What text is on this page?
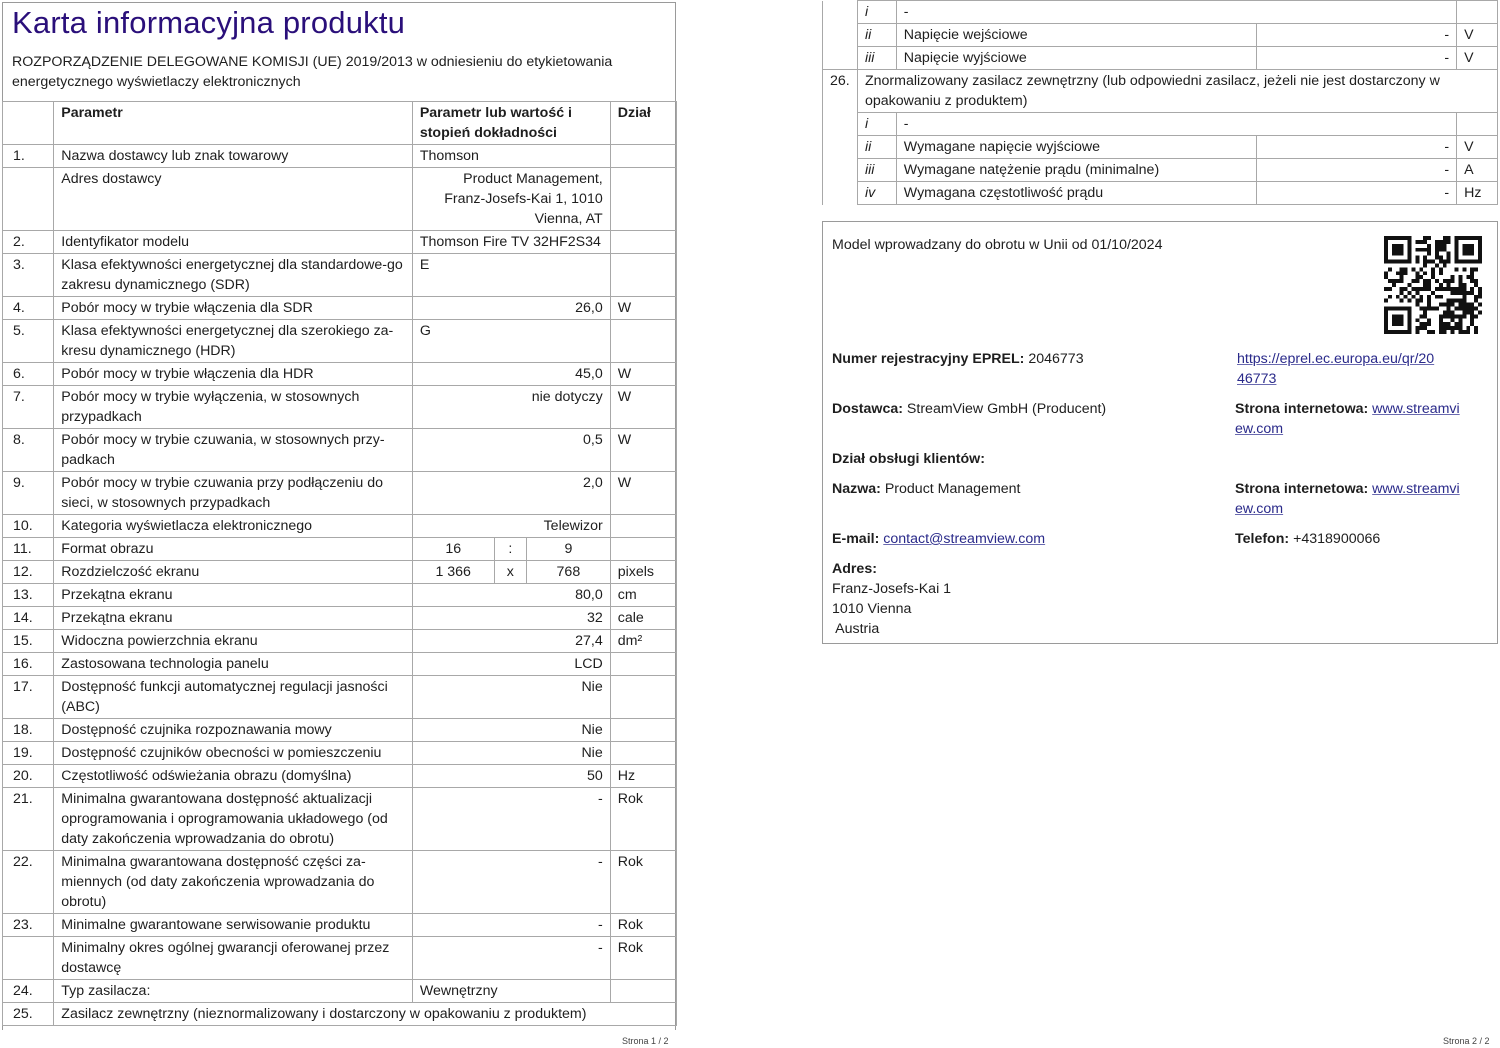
Karta informacyjna produktu
ROZPORZĄDZENIE DELEGOWANE KOMISJI (UE) 2019/2013 w odniesieniu do etykietowania energetycznego wyświetlaczy elektronicznych
	Parametr	Parametr lub wartość i stopień dokładności			Dział
1.	Nazwa dostawcy lub znak towarowy	Thomson			
	Adres dostawcy	Product Management, Franz-Josefs-Kai 1, 1010 Vienna, AT			
2.	Identyfikator modelu	Thomson Fire TV 32HF2S34			
3.	Klasa efektywności energetycznej dla standardowe-go zakresu dynamicznego (SDR)	E			
4.	Pobór mocy w trybie włączenia dla SDR	26,0			W
5.	Klasa efektywności energetycznej dla szerokiego za-kresu dynamicznego (HDR)	G			
6.	Pobór mocy w trybie włączenia dla HDR	45,0			W
7.	Pobór mocy w trybie wyłączenia, w stosownych przypadkach	nie dotyczy			W
8.	Pobór mocy w trybie czuwania, w stosownych przy-padkach	0,5			W
9.	Pobór mocy w trybie czuwania przy podłączeniu do sieci, w stosownych przypadkach	2,0			W
10.	Kategoria wyświetlacza elektronicznego	Telewizor			
11.	Format obrazu	16	:	9	
12.	Rozdzielczość ekranu	1 366	x	768	pixels
13.	Przekątna ekranu	80,0			cm
14.	Przekątna ekranu	32			cale
15.	Widoczna powierzchnia ekranu	27,4			dm²
16.	Zastosowana technologia panelu	LCD			
17.	Dostępność funkcji automatycznej regulacji jasności (ABC)	Nie			
18.	Dostępność czujnika rozpoznawania mowy	Nie			
19.	Dostępność czujników obecności w pomieszczeniu	Nie			
20.	Częstotliwość odświeżania obrazu (domyślna)	50			Hz
21.	Minimalna gwarantowana dostępność aktualizacji oprogramowania i oprogramowania układowego (od daty zakończenia wprowadzania do obrotu)	-			Rok
22.	Minimalna gwarantowana dostępność części za-miennych (od daty zakończenia wprowadzania do obrotu)	-			Rok
23.	Minimalne gwarantowane serwisowanie produktu	-			Rok
	Minimalny okres ogólnej gwarancji oferowanej przez dostawcę	-			Rok
24.	Typ zasilacza:	Wewnętrzny			
25.	Zasilacz zewnętrzny (nieznormalizowany i dostarczony w opakowaniu z produktem)				
Strona 1 / 2
	i	-		
	ii	Napięcie wejściowe	-	V
	iii	Napięcie wyjściowe	-	V
26.	Znormalizowany zasilacz zewnętrzny (lub odpowiedni zasilacz, jeżeli nie jest dostarczony w opakowaniu z produktem)			
	i	-		
	ii	Wymagane napięcie wyjściowe	-	V
	iii	Wymagane natężenie prądu (minimalne)	-	A
	iv	Wymagana częstotliwość prądu	-	Hz
Model wprowadzany do obrotu w Unii od 01/10/2024
Numer rejestracyjny EPREL: 2046773	https://eprel.ec.europa.eu/qr/20
46773
Dostawca: StreamView GmbH (Producent)	Strona internetowa: www.streamvi
ew.com
Dział obsługi klientów:
Nazwa: Product Management	Strona internetowa: www.streamvi
ew.com
E-mail: contact@streamview.com	Telefon: +4318900066
Adres:
Franz-Josefs-Kai 1
1010 Vienna
Austria
Strona 2 / 2
